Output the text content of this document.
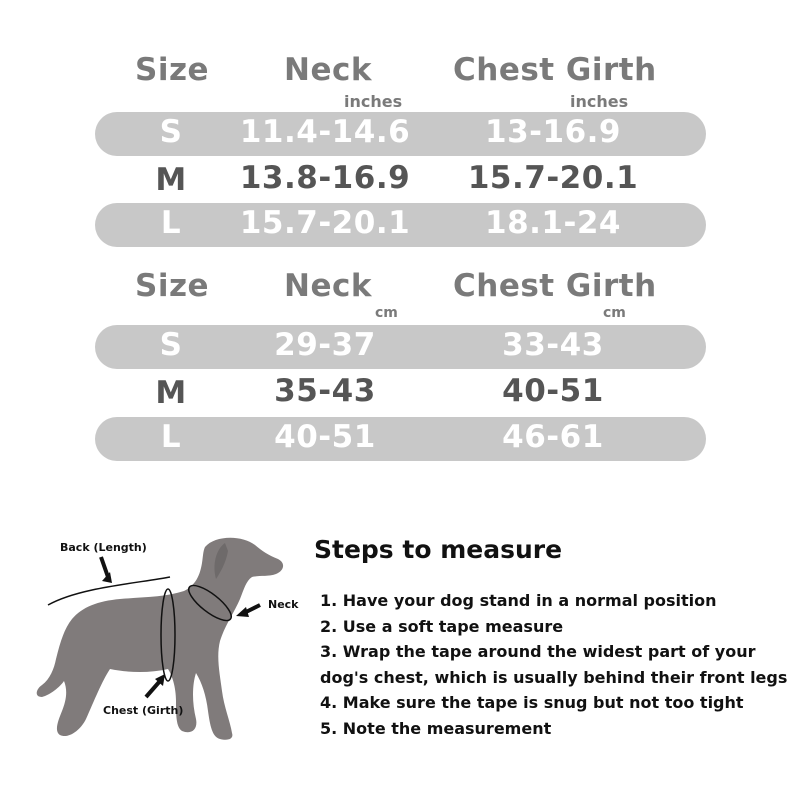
Size Neck	Chest Girth
inches	inches
S 11.4-14.6 13-16.9
M 13.8-16.9 15.7-20.1
L 15.7-20.1 18.1-24
Size Neck	Chest Girth
cm	cm
S	29-37	33-43
M	35-43	40-51
L	40-51	46-61
Back (Length)
Neck
Chest (Girth)
Steps to measure
1. Have your dog stand in a normal position
2. Use a soft tape measure
3. Wrap the tape around the widest part of your
dog's chest, which is usually behind their front legs
4. Make sure the tape is snug but not too tight
5. Note the measurement
